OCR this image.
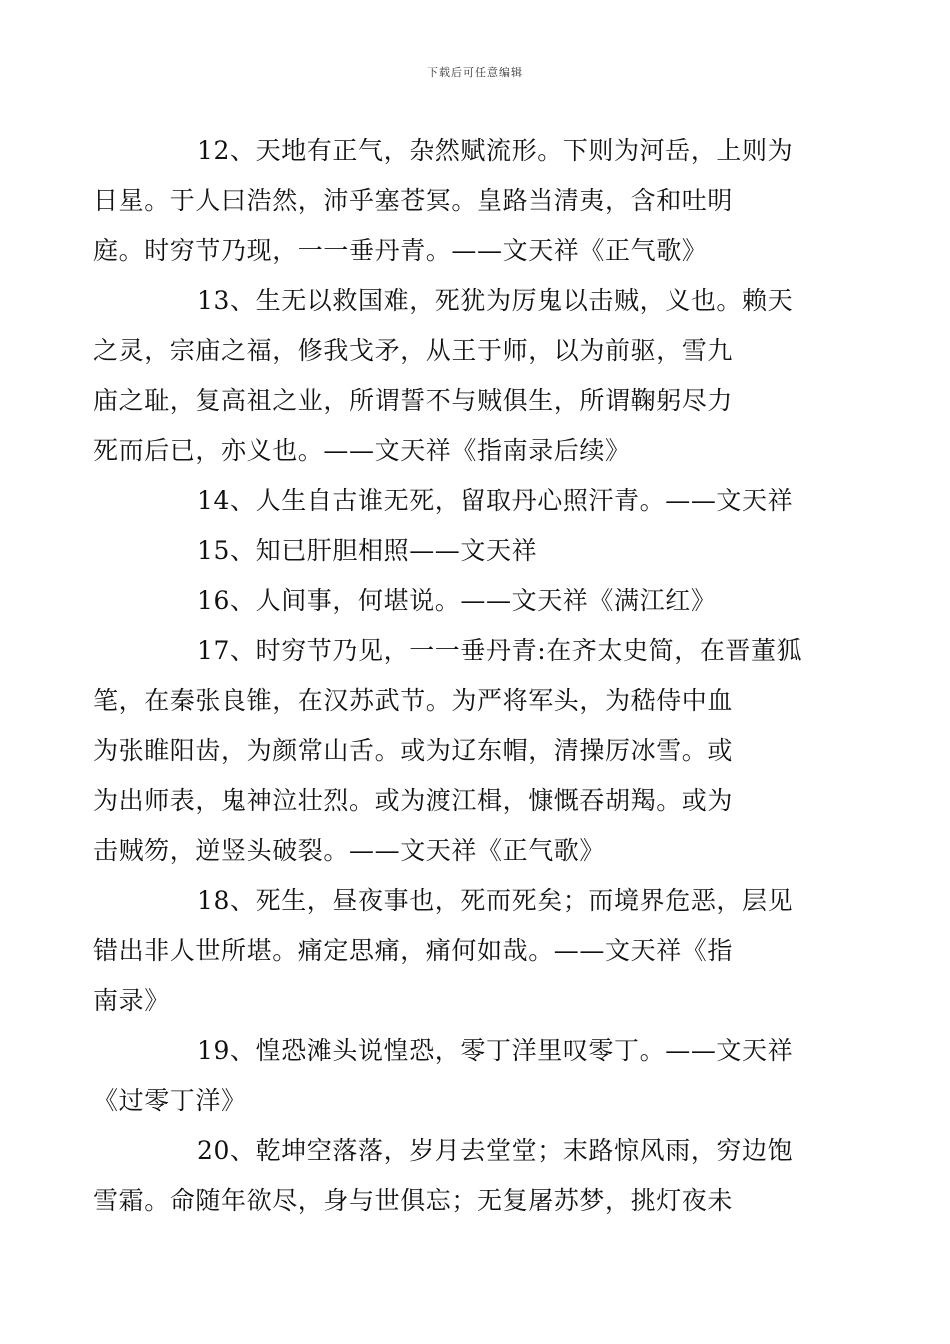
下载后可任意编辑

12、天地有正气，杂然赋流形。下则为河岳，上则为
日星。于人曰浩然，沛乎塞苍冥。皇路当清夷，含和吐明
庭。时穷节乃现，一一垂丹青。——文天祥《正气歌》

13、生无以救国难，死犹为厉鬼以击贼，义也。赖天
之灵，宗庙之福，修我戈矛，从王于师，以为前驱，雪九
庙之耻，复高祖之业，所谓誓不与贼俱生，所谓鞠躬尽力
死而后已，亦义也。——文天祥《指南录后续》

14、人生自古谁无死，留取丹心照汗青。——文天祥

15、知已肝胆相照——文天祥

16、人间事，何堪说。——文天祥《满江红》

17、时穷节乃见，一一垂丹青:在齐太史简，在晋董狐
笔，在秦张良锥，在汉苏武节。为严将军头，为嵇侍中血
为张睢阳齿，为颜常山舌。或为辽东帽，清操厉冰雪。或
为出师表，鬼神泣壮烈。或为渡江楫，慷慨吞胡羯。或为
击贼笏，逆竖头破裂。——文天祥《正气歌》

18、死生，昼夜事也，死而死矣；而境界危恶，层见
错出非人世所堪。痛定思痛，痛何如哉。——文天祥《指
南录》

19、惶恐滩头说惶恐，零丁洋里叹零丁。——文天祥
《过零丁洋》

20、乾坤空落落，岁月去堂堂；末路惊风雨，穷边饱
雪霜。命随年欲尽，身与世俱忘；无复屠苏梦，挑灯夜未
